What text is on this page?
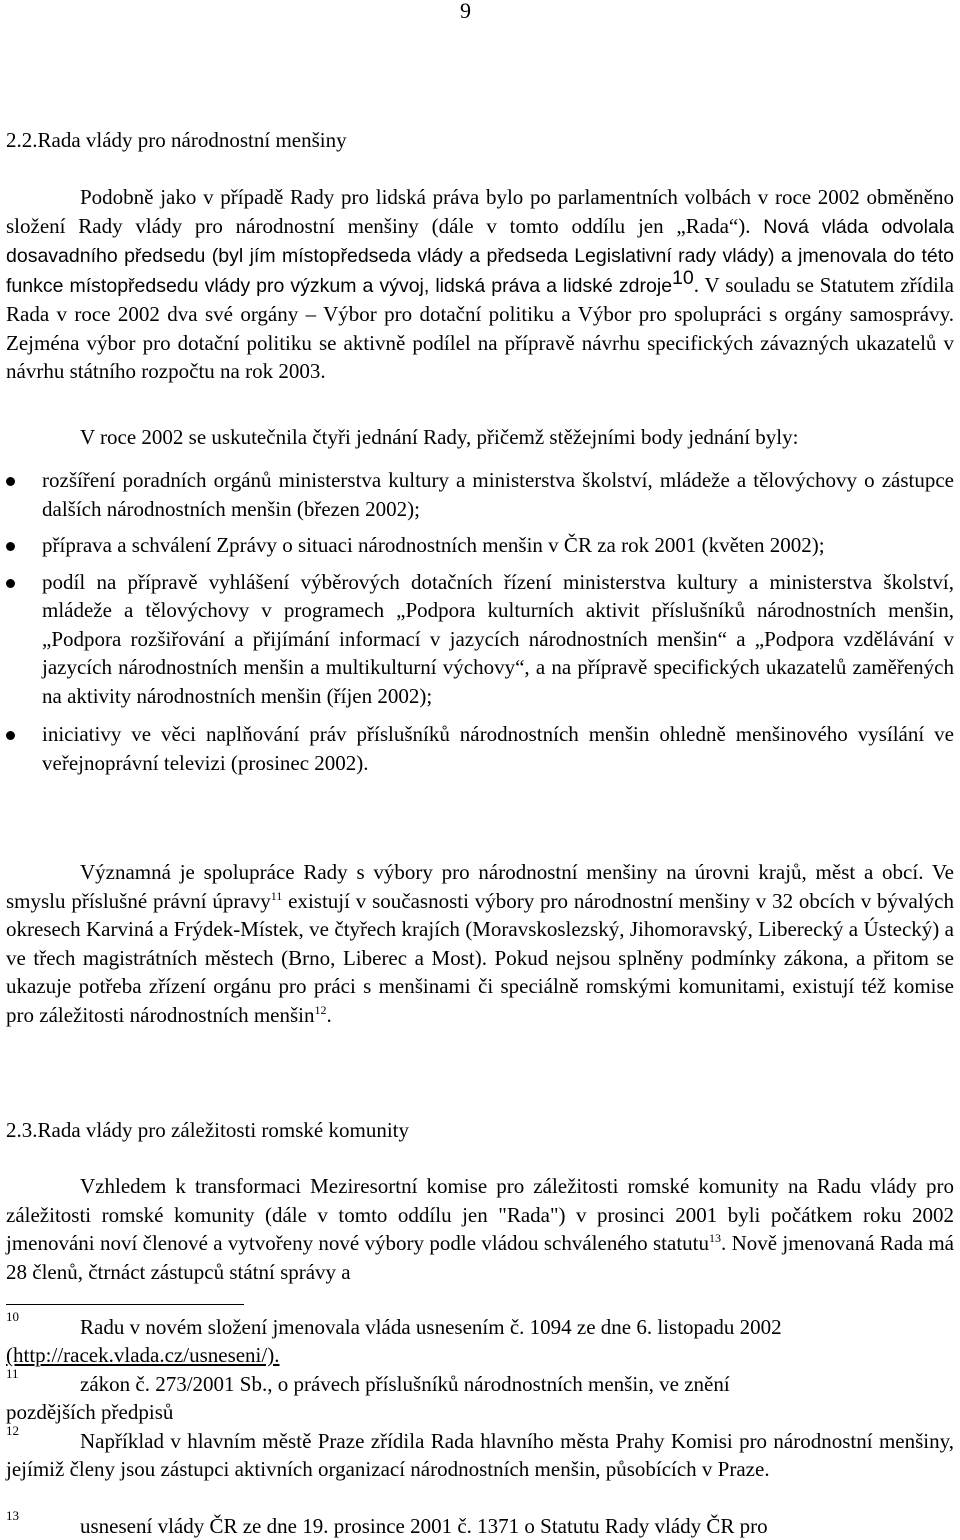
9
2.2.Rada vlády pro národnostní menšiny
Podobně jako v případě Rady pro lidská práva bylo po parlamentních volbách v roce 2002 obměněno složení Rady vlády pro národnostní menšiny (dále v tomto oddílu jen „Rada“). Nová vláda odvolala dosavadního předsedu (byl jím místopředseda vlády a předseda Legislativní rady vlády) a jmenovala do této funkce místopředsedu vlády pro výzkum a vývoj, lidská práva a lidské zdroje$^{10}$. V souladu se Statutem zřídila Rada v roce 2002 dva své orgány – Výbor pro dotační politiku a Výbor pro spolupráci s orgány samosprávy. Zejména výbor pro dotační politiku se aktivně podílel na přípravě návrhu specifických závazných ukazatelů v návrhu státního rozpočtu na rok 2003.
V roce 2002 se uskutečnila čtyři jednání Rady, přičemž stěžejními body jednání byly:
rozšíření poradních orgánů ministerstva kultury a ministerstva školství, mládeže a tělovýchovy o zástupce dalších národnostních menšin (březen 2002);
příprava a schválení Zprávy o situaci národnostních menšin v ČR za rok 2001 (květen 2002);
podíl na přípravě vyhlášení výběrových dotačních řízení ministerstva kultury a ministerstva školství, mládeže a tělovýchovy v programech „Podpora kulturních aktivit příslušníků národnostních menšin, „Podpora rozšiřování a přijímání informací v jazycích národnostních menšin“ a „Podpora vzdělávání v jazycích národnostních menšin a multikulturní výchovy“, a na přípravě specifických ukazatelů zaměřených na aktivity národnostních menšin (říjen 2002);
iniciativy ve věci naplňování práv příslušníků národnostních menšin ohledně menšinového vysílání ve veřejnoprávní televizi (prosinec 2002).
Významná je spolupráce Rady s výbory pro národnostní menšiny na úrovni krajů, měst a obcí. Ve smyslu příslušné právní úpravy$^{11}$ existují v současnosti výbory pro národnostní menšiny v 32 obcích v bývalých okresech Karviná a Frýdek-Místek, ve čtyřech krajích (Moravskoslezský, Jihomoravský, Liberecký a Ústecký) a ve třech magistrátních městech (Brno, Liberec a Most). Pokud nejsou splněny podmínky zákona, a přitom se ukazuje potřeba zřízení orgánu pro práci s menšinami či speciálně romskými komunitami, existují též komise pro záležitosti národnostních menšin$^{12}$.
2.3.Rada vlády pro záležitosti romské komunity
Vzhledem k transformaci Meziresortní komise pro záležitosti romské komunity na Radu vlády pro záležitosti romské komunity (dále v tomto oddílu jen "Rada") v prosinci 2001 byli počátkem roku 2002 jmenováni noví členové a vytvořeny nové výbory podle vládou schváleného statutu$^{13}$. Nově jmenovaná Rada má 28 členů, čtrnáct zástupců státní správy a
10	Radu v novém složení jmenovala vláda usnesením č. 1094 ze dne 6. listopadu 2002
(http://racek.vlada.cz/usneseni/).
11	zákon č. 273/2001 Sb., o právech příslušníků národnostních menšin, ve znění
pozdějších předpisů
12	Například v hlavním městě Praze zřídila Rada hlavního města Prahy Komisi pro národnostní menšiny, jejímiž členy jsou zástupci aktivních organizací národnostních menšin, působících v Praze.
13	usnesení vlády ČR ze dne 19. prosince 2001 č. 1371 o Statutu Rady vlády ČR pro
